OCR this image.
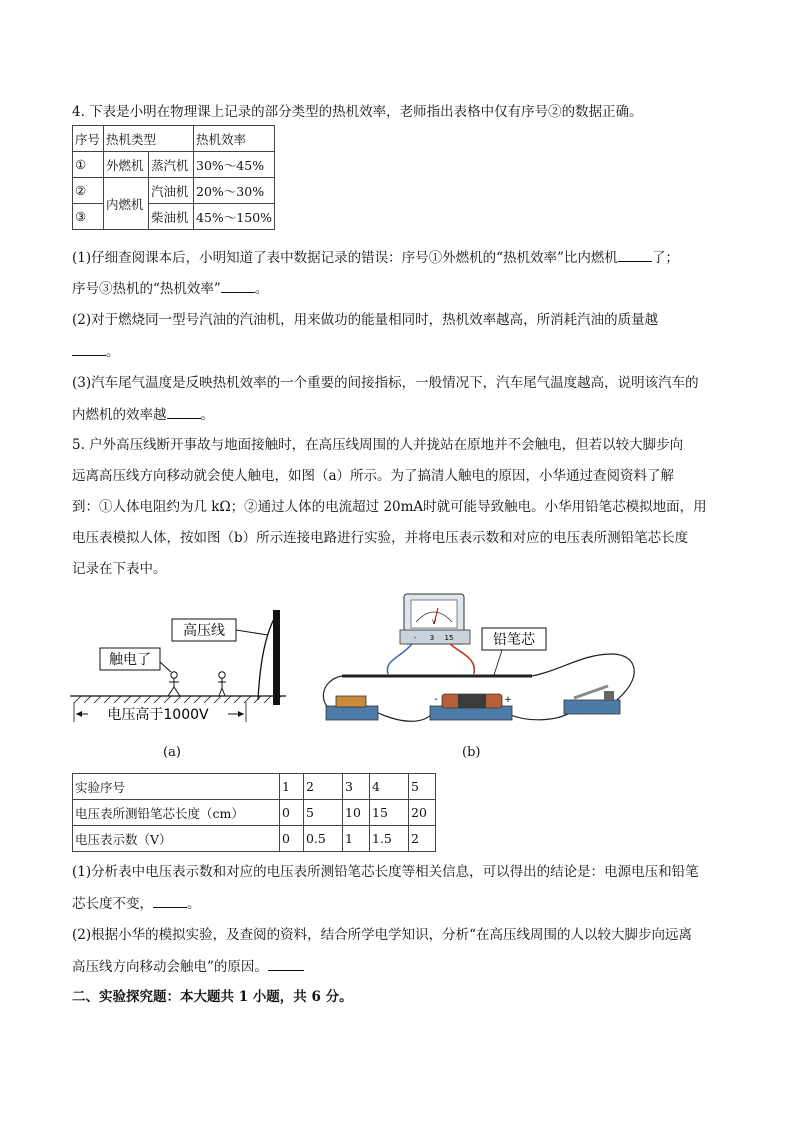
4. 下表是小明在物理课上记录的部分类型的热机效率，老师指出表格中仅有序号②的数据正确。
序号	热机类型		热机效率
①	外燃机	蒸汽机	30%～45%
②	内燃机	汽油机	20%～30%
③		柴油机	45%～150%
(1)仔细查阅课本后，小明知道了表中数据记录的错误：序号①外燃机的“热机效率”比内燃机	了；
序号③热机的“热机效率”	。
(2)对于燃烧同一型号汽油的汽油机，用来做功的能量相同时，热机效率越高，所消耗汽油的质量越
。
(3)汽车尾气温度是反映热机效率的一个重要的间接指标，一般情况下，汽车尾气温度越高，说明该汽车的
内燃机的效率越	。
5. 户外高压线断开事故与地面接触时，在高压线周围的人并拢站在原地并不会触电，但若以较大脚步向
远离高压线方向移动就会使人触电，如图（a）所示。为了搞清人触电的原因，小华通过查阅资料了解
到：①人体电阻约为几 kΩ；②通过人体的电流超过 20mA时就可能导致触电。小华用铅笔芯模拟地面，用
电压表模拟人体，按如图（b）所示连接电路进行实验，并将电压表示数和对应的电压表所测铅笔芯长度
记录在下表中。
高压线
触电了
电压高于1000V
(a)
V
- 3 15	铅笔芯
-	+
(b)
实验序号	1	2	3	4	5
电压表所测铅笔芯长度（cm）	0	5	10	15	20
电压表示数（V）	0	0.5	1	1.5	2
(1)分析表中电压表示数和对应的电压表所测铅笔芯长度等相关信息，可以得出的结论是：电源电压和铅笔
芯长度不变，	。
(2)根据小华的模拟实验，及查阅的资料，结合所学电学知识，分析“在高压线周围的人以较大脚步向远离
高压线方向移动会触电”的原因。
二、实验探究题：本大题共 1 小题，共 6 分。
